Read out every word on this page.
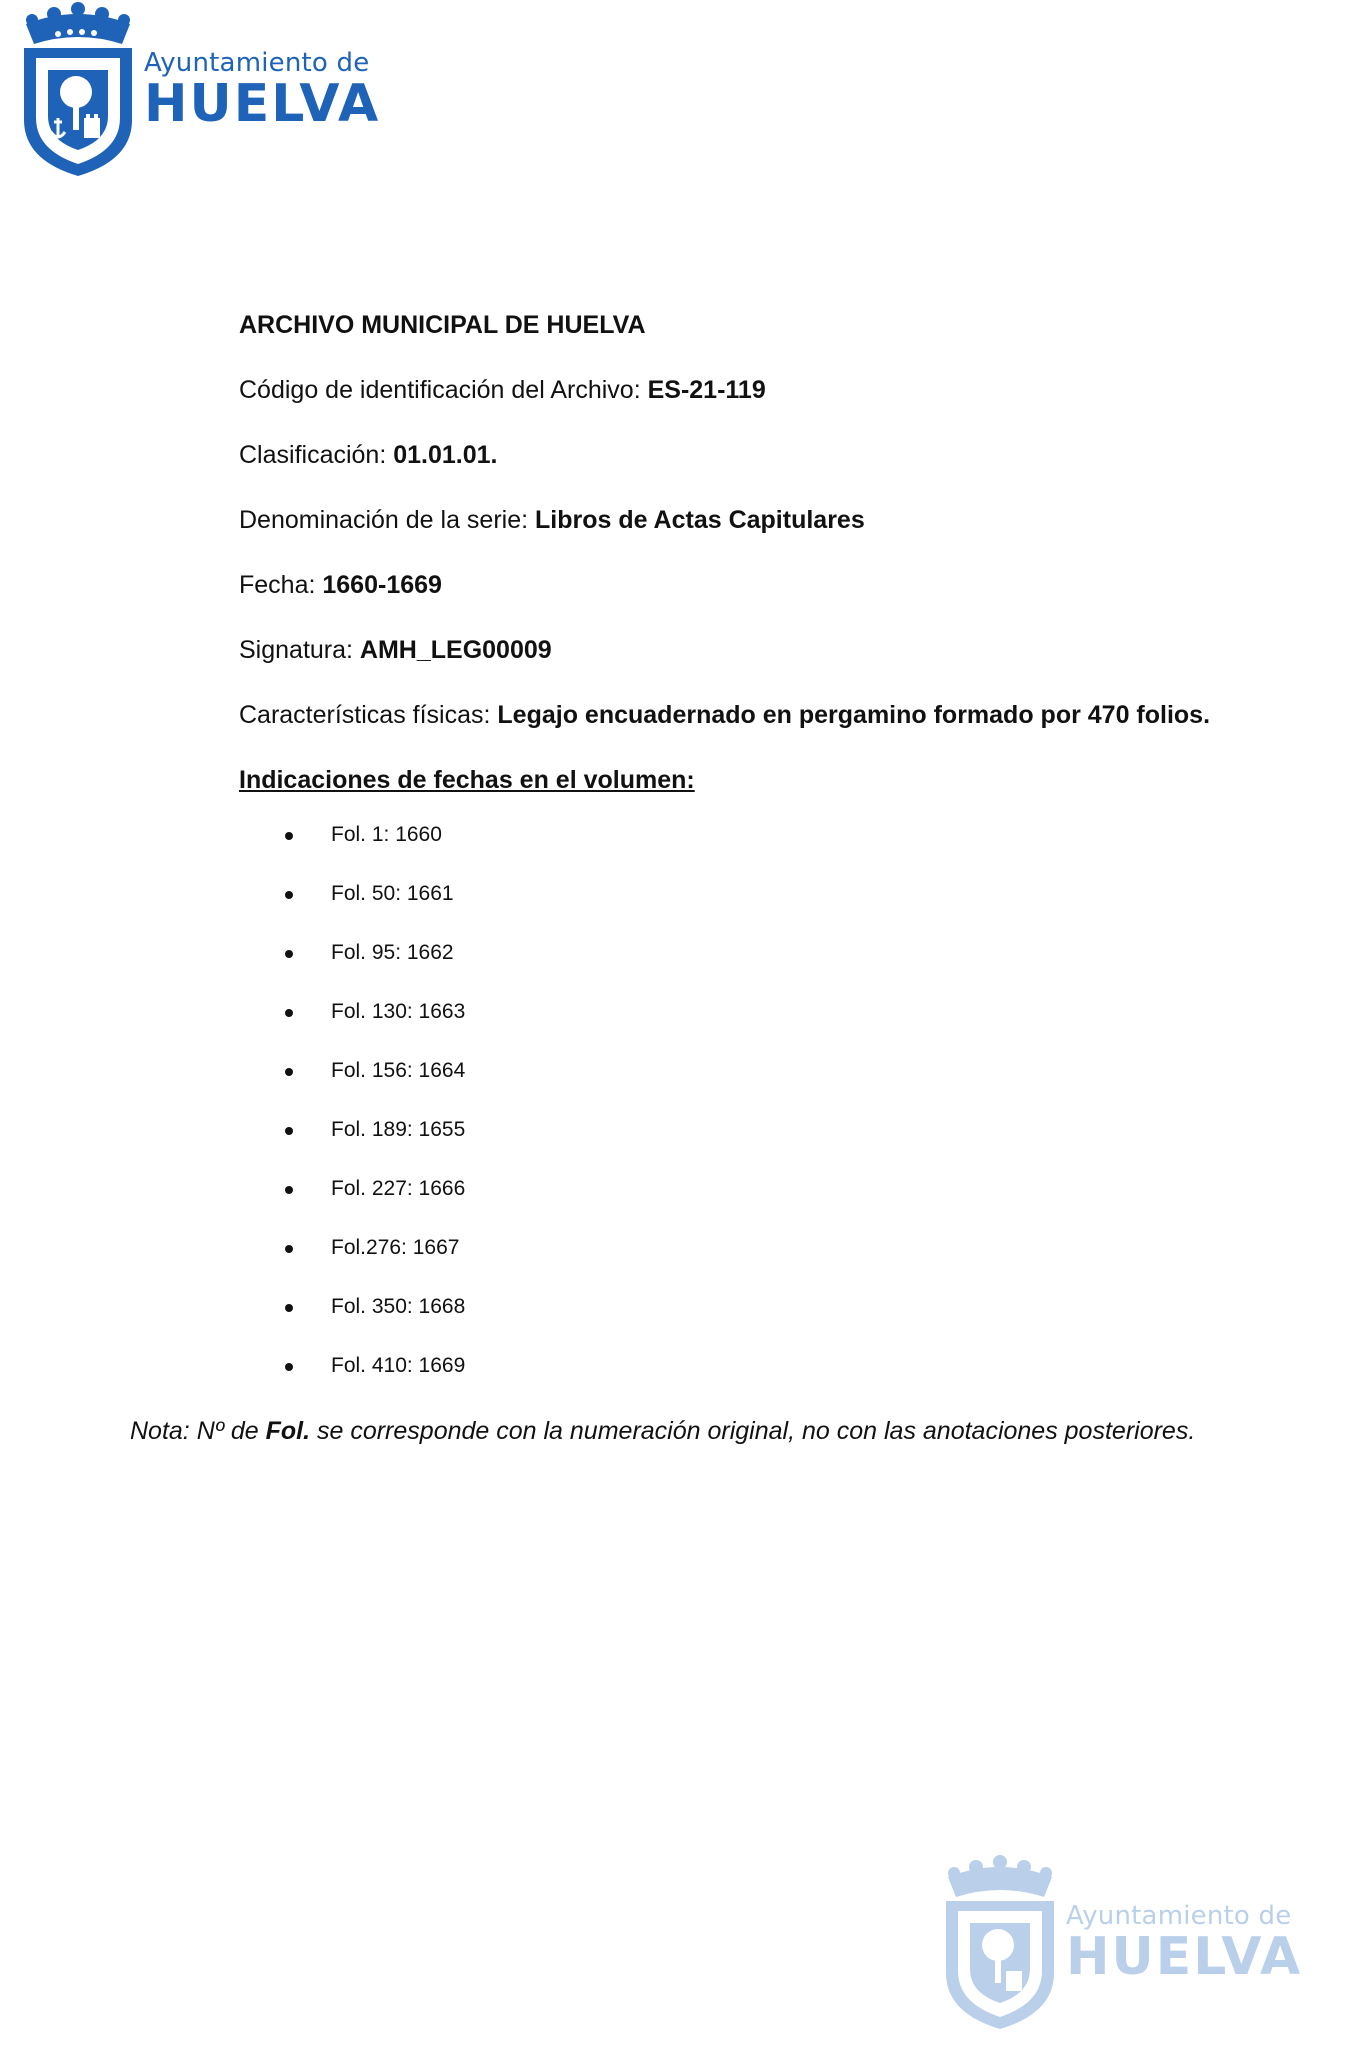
Ayuntamiento de
HUELVA
ARCHIVO MUNICIPAL DE HUELVA
Código de identificación del Archivo: ES-21-119
Clasificación: 01.01.01.
Denominación de la serie: Libros de Actas Capitulares
Fecha: 1660-1669
Signatura: AMH_LEG00009
Características físicas: Legajo encuadernado en pergamino formado por 470 folios.
Indicaciones de fechas en el volumen:
Fol. 1: 1660
Fol. 50: 1661
Fol. 95: 1662
Fol. 130: 1663
Fol. 156: 1664
Fol. 189: 1655
Fol. 227: 1666
Fol.276: 1667
Fol. 350: 1668
Fol. 410: 1669
Nota: Nº de Fol. se corresponde con la numeración original, no con las anotaciones posteriores.
Ayuntamiento de
HUELVA
